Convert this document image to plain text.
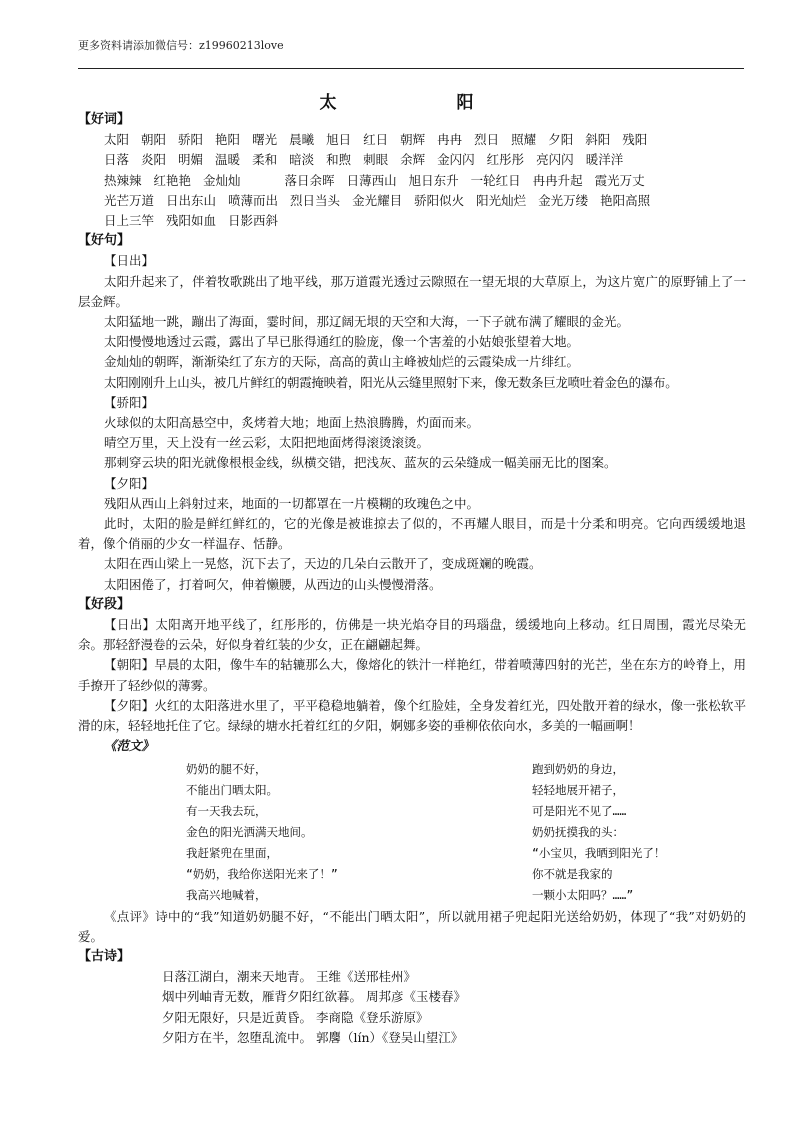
更多资料请添加微信号：z19960213love
太	阳
【好词】
太阳 朝阳 骄阳 艳阳 曙光 晨曦 旭日 红日 朝辉 冉冉 烈日 照耀 夕阳 斜阳 残阳
日落 炎阳 明媚 温暖 柔和 暗淡 和煦 刺眼 余辉 金闪闪 红彤彤 亮闪闪 暖洋洋
热辣辣 红艳艳 金灿灿	落日余晖 日薄西山 旭日东升 一轮红日 冉冉升起 霞光万丈
光芒万道 日出东山 喷薄而出 烈日当头 金光耀目 骄阳似火 阳光灿烂 金光万缕 艳阳高照
日上三竿 残阳如血 日影西斜
【好句】
【日出】
太阳升起来了，伴着牧歌跳出了地平线，那万道霞光透过云隙照在一望无垠的大草原上，为这片宽广的原野铺上了一层金辉。
太阳猛地一跳，蹦出了海面，霎时间，那辽阔无垠的天空和大海，一下子就布满了耀眼的金光。
太阳慢慢地透过云霞，露出了早已胀得通红的脸庞，像一个害羞的小姑娘张望着大地。
金灿灿的朝晖，渐渐染红了东方的天际，高高的黄山主峰被灿烂的云霞染成一片绯红。
太阳刚刚升上山头，被几片鲜红的朝霞掩映着，阳光从云缝里照射下来，像无数条巨龙喷吐着金色的瀑布。
【骄阳】
火球似的太阳高悬空中，炙烤着大地；地面上热浪腾腾，灼面而来。
晴空万里，天上没有一丝云彩，太阳把地面烤得滚烫滚烫。
那刺穿云块的阳光就像根根金线，纵横交错，把浅灰、蓝灰的云朵缝成一幅美丽无比的图案。
【夕阳】
残阳从西山上斜射过来，地面的一切都罩在一片模糊的玫瑰色之中。
此时，太阳的脸是鲜红鲜红的，它的光像是被谁掠去了似的，不再耀人眼目，而是十分柔和明亮。它向西缓缓地退着，像个俏丽的少女一样温存、恬静。
太阳在西山梁上一晃悠，沉下去了，天边的几朵白云散开了，变成斑斓的晚霞。
太阳困倦了，打着呵欠，伸着懒腰，从西边的山头慢慢滑落。
【好段】
【日出】太阳离开地平线了，红彤彤的，仿佛是一块光焰夺目的玛瑙盘，缓缓地向上移动。红日周围，霞光尽染无余。那轻舒漫卷的云朵，好似身着红装的少女，正在翩翩起舞。
【朝阳】早晨的太阳，像牛车的轱辘那么大，像熔化的铁汁一样艳红，带着喷薄四射的光芒，坐在东方的岭脊上，用手撩开了轻纱似的薄雾。
【夕阳】火红的太阳落进水里了，平平稳稳地躺着，像个红脸娃，全身发着红光，四处散开着的绿水，像一张松软平滑的床，轻轻地托住了它。绿绿的塘水托着红红的夕阳，婀娜多姿的垂柳依依向水，多美的一幅画啊！
《范文》
奶奶的腿不好，
不能出门晒太阳。
有一天我去玩，
金色的阳光洒满天地间。
我赶紧兜在里面，
“奶奶，我给你送阳光来了！”
我高兴地喊着，
跑到奶奶的身边，
轻轻地展开裙子，
可是阳光不见了……
奶奶抚摸我的头：
“小宝贝，我晒到阳光了！
你不就是我家的
一颗小太阳吗？……”
《点评》诗中的“我”知道奶奶腿不好，“不能出门晒太阳”，所以就用裙子兜起阳光送给奶奶，体现了“我”对奶奶的爱。
【古诗】
日落江湖白，潮来天地青。 王维《送邢桂州》
烟中列岫青无数，雁背夕阳红欲暮。 周邦彦《玉楼春》
夕阳无限好，只是近黄昏。 李商隐《登乐游原》
夕阳方在半，忽堕乱流中。 郭麐（lín）《登吴山望江》
